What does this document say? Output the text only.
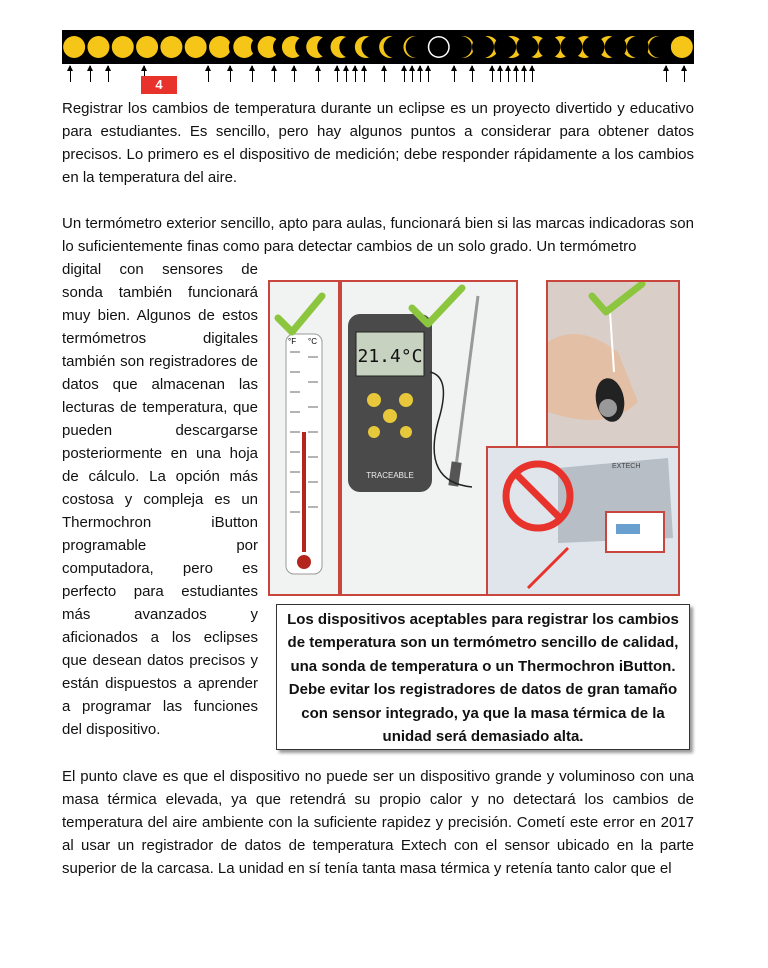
4

Registrar los cambios de temperatura durante un eclipse es un proyecto divertido y educativo para estudiantes. Es sencillo, pero hay algunos puntos a considerar para obtener datos precisos. Lo primero es el dispositivo de medición; debe responder rápidamente a los cambios en la temperatura del aire.

Un termómetro exterior sencillo, apto para aulas, funcionará bien si las marcas indicadoras son lo suficientemente finas como para detectar cambios de un solo grado. Un termómetro

digital con sensores de sonda también funcionará muy bien. Algunos de estos termómetros digitales también son registradores de datos que almacenan las lecturas de temperatura, que pueden descargarse posteriormente en una hoja de cálculo. La opción más costosa y compleja es un Thermochron iButton programable por computadora, pero es perfecto para estudiantes más avanzados y aficionados a los eclipses que desean datos precisos y están dispuestos a aprender a programar las funciones del dispositivo.

°F °C
21.4°C
TRACEABLE
EXTECH
Los dispositivos aceptables para registrar los cambios de temperatura son un termómetro sencillo de calidad, una sonda de temperatura o un Thermochron iButton. Debe evitar los registradores de datos de gran tamaño con sensor integrado, ya que la masa térmica de la unidad será demasiado alta.

El punto clave es que el dispositivo no puede ser un dispositivo grande y voluminoso con una masa térmica elevada, ya que retendrá su propio calor y no detectará los cambios de temperatura del aire ambiente con la suficiente rapidez y precisión. Cometí este error en 2017 al usar un registrador de datos de temperatura Extech con el sensor ubicado en la parte superior de la carcasa. La unidad en sí tenía tanta masa térmica y retenía tanto calor que el
